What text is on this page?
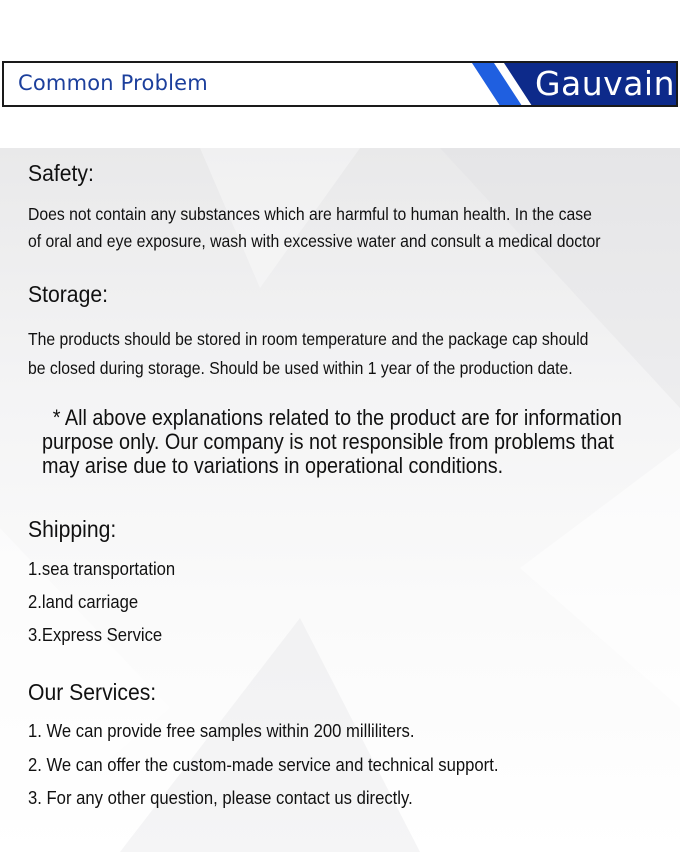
Common Problem	Gauvain
Safety:
Does not contain any substances which are harmful to human health. In the case
of oral and eye exposure, wash with excessive water and consult a medical doctor
Storage:
The products should be stored in room temperature and the package cap should
be closed during storage. Should be used within 1 year of the production date.
* All above explanations related to the product are for information
purpose only. Our company is not responsible from problems that
may arise due to variations in operational conditions.
Shipping:
1.sea transportation
2.land carriage
3.Express Service
Our Services:
1. We can provide free samples within 200 milliliters.
2. We can offer the custom-made service and technical support.
3. For any other question, please contact us directly.
